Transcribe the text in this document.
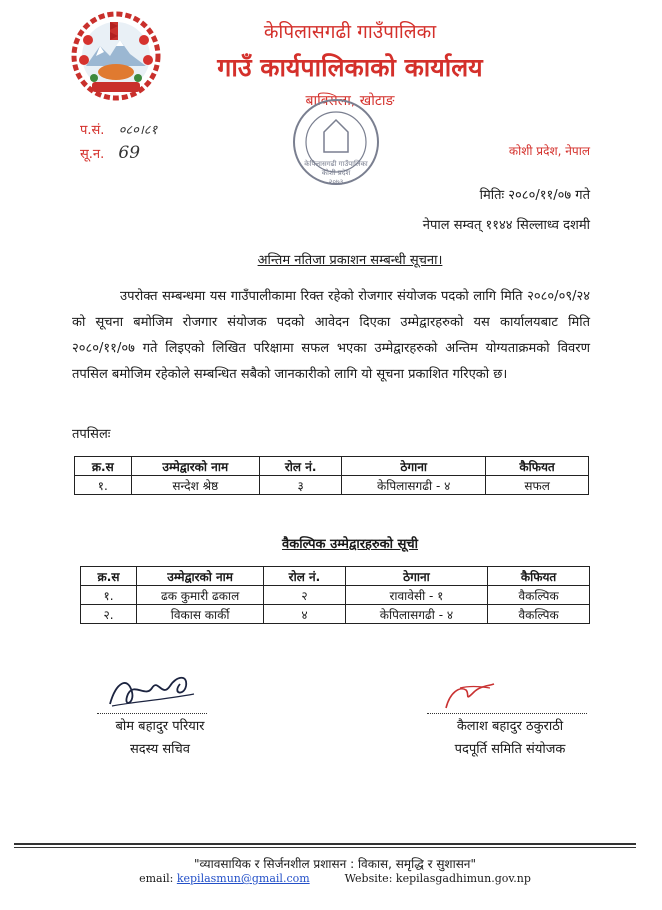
केपिलासगढी गाउँपालिका
गाउँ कार्यपालिकाको कार्यालय
बाक्सिला, खोटाङ
प.सं. ०८०।८१
सू.न. 69	कोशी प्रदेश, नेपाल
केपिलासगढी गाउँपालिका
कोशी प्रदेश
२०७३
मितिः २०८०/११/०७ गते
नेपाल सम्वत् ११४४ सिल्लाध्व दशमी
अन्तिम नतिजा प्रकाशन सम्बन्धी सूचना।
उपरोक्त सम्बन्धमा यस गाउँपालीकामा रिक्त रहेको रोजगार संयोजक पदको लागि मिति २०८०/०९/२४ को सूचना बमोजिम रोजगार संयोजक पदको आवेदन दिएका उम्मेद्वारहरुको यस कार्यालयबाट मिति २०८०/११/०७ गते लिइएको लिखित परिक्षामा सफल भएका उम्मेद्वारहरुको अन्तिम योग्यताक्रमको विवरण तपसिल बमोजिम रहेकोले सम्बन्धित सबैको जानकारीको लागि यो सूचना प्रकाशित गरिएको छ।
तपसिलः
क्र.स	उम्मेद्वारको नाम	रोल नं.	ठेगाना	कैफियत
१.	सन्देश श्रेष्ठ	३	केपिलासगढी - ४	सफल
वैकल्पिक उम्मेद्वारहरुको सूची
क्र.स	उम्मेद्वारको नाम	रोल नं.	ठेगाना	कैफियत
१.	ढक कुमारी ढकाल	२	रावावेसी - १	वैकल्पिक
२.	विकास कार्की	४	केपिलासगढी - ४	वैकल्पिक
बोम बहादुर परियार
सदस्य सचिव
कैलाश बहादुर ठकुराठी
पदपूर्ति समिति संयोजक
"व्यावसायिक र सिर्जनशील प्रशासन : विकास, समृद्धि र सुशासन"
email: kepilasmun@gmail.com	Website: kepilasgadhimun.gov.np
